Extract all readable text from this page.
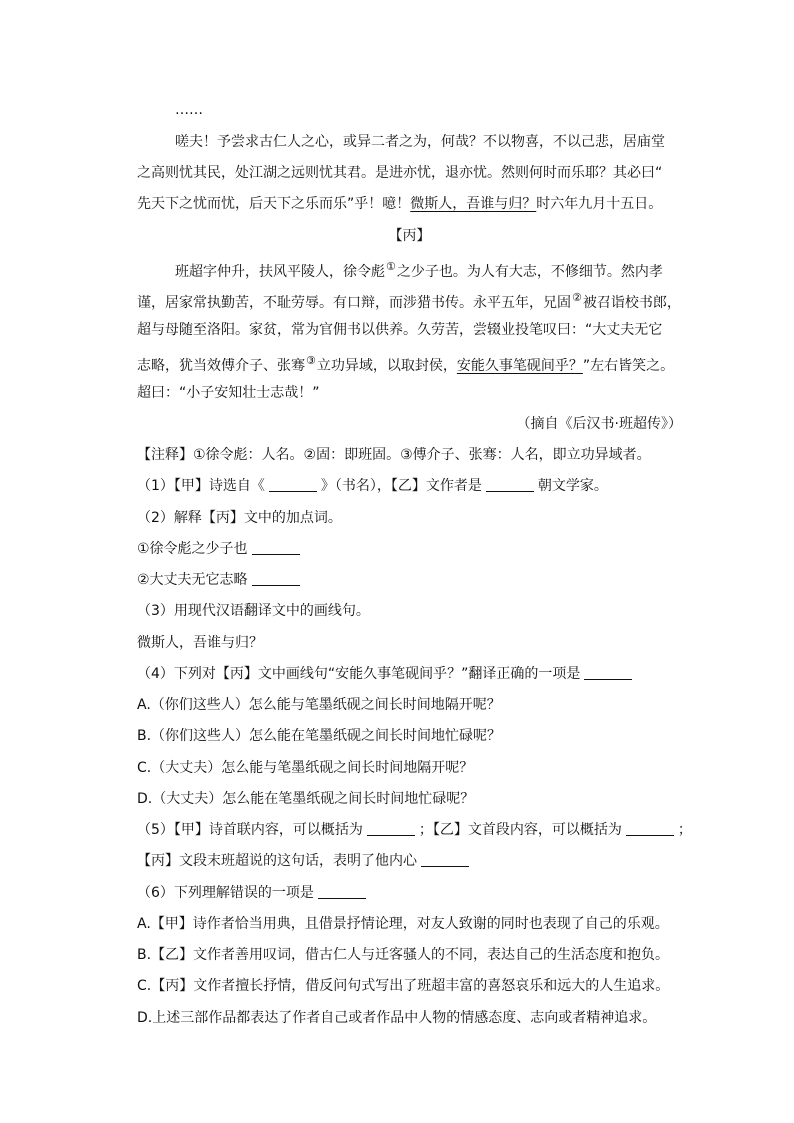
……
嗟夫！予尝求古仁人之心，或异二者之为，何哉？不以物喜，不以己悲，居庙堂
之高则忧其民，处江湖之远则忧其君。是进亦忧，退亦忧。然则何时而乐耶？其必曰“
先天下之忧而忧，后天下之乐而乐”乎！噫！微斯人，吾谁与归？时六年九月十五日。
【丙】
班超字仲升，扶风平陵人，徐令彪①之少子也。为人有大志，不修细节。然内孝
谨，居家常执勤苦，不耻劳辱。有口辩，而涉猎书传。永平五年，兄固②被召诣校书郎，
超与母随至洛阳。家贫，常为官佣书以供养。久劳苦，尝辍业投笔叹曰：“大丈夫无它
志略，犹当效傅介子、张骞③立功异域，以取封侯，安能久事笔砚间乎？”左右皆笑之。
超曰：“小子安知壮士志哉！”
（摘自《后汉书·班超传》）
【注释】①徐令彪：人名。②固：即班固。③傅介子、张骞：人名，即立功异域者。
（1）【甲】诗选自《	》（书名），【乙】文作者是	朝文学家。
（2）解释【丙】文中的加点词。
①徐令彪之少子也
②大丈夫无它志略
（3）用现代汉语翻译文中的画线句。
微斯人，吾谁与归？
（4）下列对【丙】文中画线句“安能久事笔砚间乎？”翻译正确的一项是
A.（你们这些人）怎么能与笔墨纸砚之间长时间地隔开呢？
B.（你们这些人）怎么能在笔墨纸砚之间长时间地忙碌呢？
C.（大丈夫）怎么能与笔墨纸砚之间长时间地隔开呢？
D.（大丈夫）怎么能在笔墨纸砚之间长时间地忙碌呢？
（5）【甲】诗首联内容，可以概括为	；【乙】文首段内容，可以概括为	；
【丙】文段末班超说的这句话，表明了他内心
（6）下列理解错误的一项是
A.【甲】诗作者恰当用典，且借景抒情论理，对友人致谢的同时也表现了自己的乐观。
B.【乙】文作者善用叹词，借古仁人与迁客骚人的不同，表达自己的生活态度和抱负。
C.【丙】文作者擅长抒情，借反问句式写出了班超丰富的喜怒哀乐和远大的人生追求。
D.上述三部作品都表达了作者自己或者作品中人物的情感态度、志向或者精神追求。
